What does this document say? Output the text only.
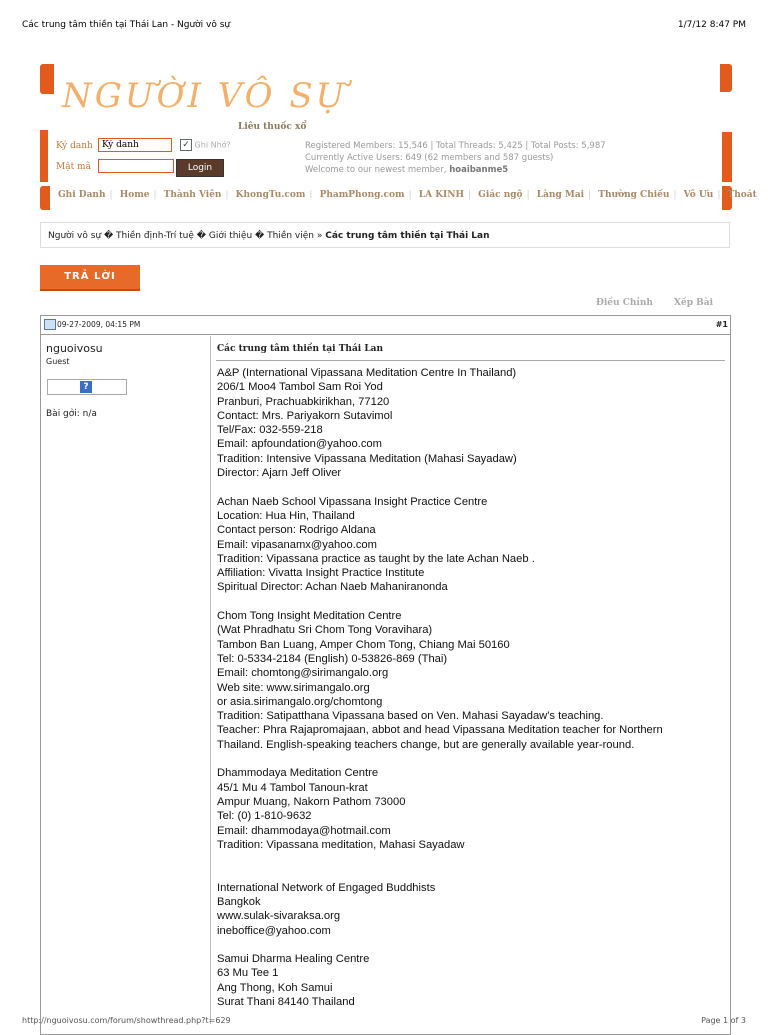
Các trung tâm thiền tại Thái Lan - Người vô sự	1/7/12 8:47 PM
NGƯỜI VÔ SỰ
Liêu thuốc xổ
Ký danh
Ký danh	✓ Ghi Nhớ?
Mật mã	Login
Registered Members: 15,546 | Total Threads: 5,425 | Total Posts: 5,987
Currently Active Users: 649 (62 members and 587 guests)
Welcome to our newest member, hoaibanme5
Ghi Danh | Home | Thành Viên | KhongTu.com | PhamPhong.com | LA KINH | Giác ngộ | Làng Mai | Thường Chiếu | Vô Ưu | Thoát
Người vô sự � Thiền định-Trí tuệ � Giới thiệu � Thiền viện » Các trung tâm thiền tại Thái Lan
TRẢ LỜI
Điều Chỉnh Xếp Bài
09-27-2009, 04:15 PM	#1
nguoivosu
Guest
?
Bài gởi: n/a
Các trung tâm thiền tại Thái Lan
A&P (International Vipassana Meditation Centre In Thailand)
206/1 Moo4 Tambol Sam Roi Yod
Pranburi, Prachuabkirikhan, 77120
Contact: Mrs. Pariyakorn Sutavimol
Tel/Fax: 032-559-218
Email: apfoundation@yahoo.com
Tradition: Intensive Vipassana Meditation (Mahasi Sayadaw)
Director: Ajarn Jeff Oliver

Achan Naeb School Vipassana Insight Practice Centre
Location: Hua Hin, Thailand
Contact person: Rodrigo Aldana
Email: vipasanamx@yahoo.com
Tradition: Vipassana practice as taught by the late Achan Naeb .
Affiliation: Vivatta Insight Practice Institute
Spiritual Director: Achan Naeb Mahaniranonda

Chom Tong Insight Meditation Centre
(Wat Phradhatu Sri Chom Tong Voravihara)
Tambon Ban Luang, Amper Chom Tong, Chiang Mai 50160
Tel: 0-5334-2184 (English) 0-53826-869 (Thai)
Email: chomtong@sirimangalo.org
Web site: www.sirimangalo.org
or asia.sirimangalo.org/chomtong
Tradition: Satipatthana Vipassana based on Ven. Mahasi Sayadaw's teaching.
Teacher: Phra Rajapromajaan, abbot and head Vipassana Meditation teacher for Northern
Thailand. English-speaking teachers change, but are generally available year-round.

Dhammodaya Meditation Centre
45/1 Mu 4 Tambol Tanoun-krat
Ampur Muang, Nakorn Pathom 73000
Tel: (0) 1-810-9632
Email: dhammodaya@hotmail.com
Tradition: Vipassana meditation, Mahasi Sayadaw

International Network of Engaged Buddhists
Bangkok
www.sulak-sivaraksa.org
ineboffice@yahoo.com

Samui Dharma Healing Centre
63 Mu Tee 1
Ang Thong, Koh Samui
Surat Thani 84140 Thailand
http://nguoivosu.com/forum/showthread.php?t=629	Page 1 of 3
